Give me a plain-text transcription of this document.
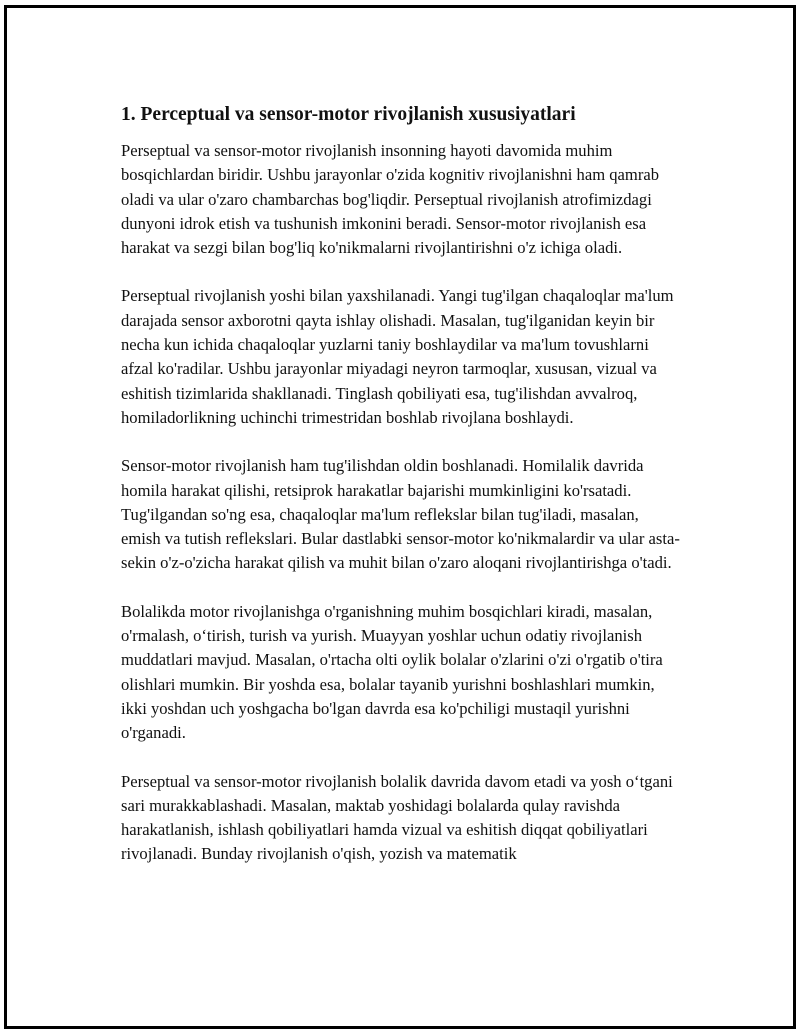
1. Perceptual va sensor-motor rivojlanish xususiyatlari

Perseptual va sensor-motor rivojlanish insonning hayoti davomida muhim bosqichlardan biridir. Ushbu jarayonlar o'zida kognitiv rivojlanishni ham qamrab oladi va ular o'zaro chambarchas bog'liqdir. Perseptual rivojlanish atrofimizdagi dunyoni idrok etish va tushunish imkonini beradi. Sensor-motor rivojlanish esa harakat va sezgi bilan bog'liq ko'nikmalarni rivojlantirishni o'z ichiga oladi.

Perseptual rivojlanish yoshi bilan yaxshilanadi. Yangi tug'ilgan chaqaloqlar ma'lum darajada sensor axborotni qayta ishlay olishadi. Masalan, tug'ilganidan keyin bir necha kun ichida chaqaloqlar yuzlarni taniy boshlaydilar va ma'lum tovushlarni afzal ko'radilar. Ushbu jarayonlar miyadagi neyron tarmoqlar, xususan, vizual va eshitish tizimlarida shakllanadi. Tinglash qobiliyati esa, tug'ilishdan avvalroq, homiladorlikning uchinchi trimestridan boshlab rivojlana boshlaydi.

Sensor-motor rivojlanish ham tug'ilishdan oldin boshlanadi. Homilalik davrida homila harakat qilishi, retsiprok harakatlar bajarishi mumkinligini ko'rsatadi. Tug'ilgandan so'ng esa, chaqaloqlar ma'lum reflekslar bilan tug'iladi, masalan, emish va tutish reflekslari. Bular dastlabki sensor-motor ko'nikmalardir va ular asta-sekin o'z-o'zicha harakat qilish va muhit bilan o'zaro aloqani rivojlantirishga o'tadi.

Bolalikda motor rivojlanishga o'rganishning muhim bosqichlari kiradi, masalan, o'rmalash, o‘tirish, turish va yurish. Muayyan yoshlar uchun odatiy rivojlanish muddatlari mavjud. Masalan, o'rtacha olti oylik bolalar o'zlarini o'zi o'rgatib o'tira olishlari mumkin. Bir yoshda esa, bolalar tayanib yurishni boshlashlari mumkin, ikki yoshdan uch yoshgacha bo'lgan davrda esa ko'pchiligi mustaqil yurishni o'rganadi.

Perseptual va sensor-motor rivojlanish bolalik davrida davom etadi va yosh o‘tgani sari murakkablashadi. Masalan, maktab yoshidagi bolalarda qulay ravishda harakatlanish, ishlash qobiliyatlari hamda vizual va eshitish diqqat qobiliyatlari rivojlanadi. Bunday rivojlanish o'qish, yozish va matematik
